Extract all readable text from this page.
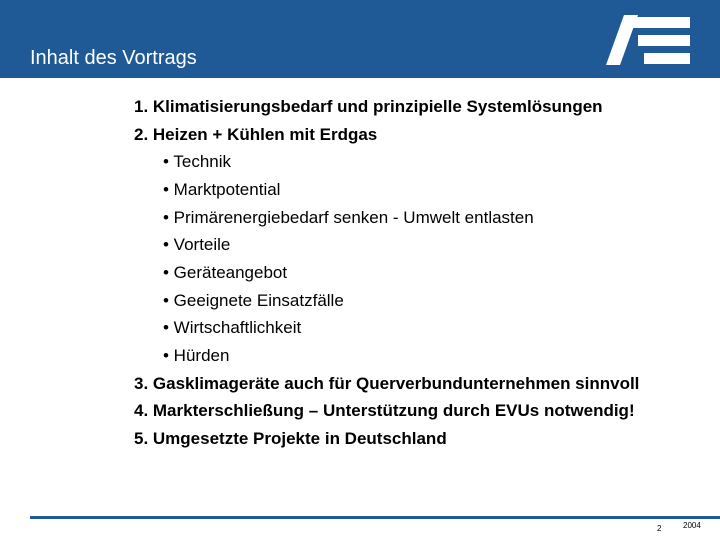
Inhalt des Vortrags
1. Klimatisierungsbedarf und prinzipielle Systemlösungen
2. Heizen + Kühlen mit Erdgas
• Technik
• Marktpotential
• Primärenergiebedarf senken - Umwelt entlasten
• Vorteile
• Geräteangebot
• Geeignete Einsatzfälle
• Wirtschaftlichkeit
• Hürden
3. Gasklimageräte auch für Querverbundunternehmen sinnvoll
4. Markterschließung – Unterstützung durch EVUs notwendig!
5. Umgesetzte Projekte in Deutschland
2	2004
